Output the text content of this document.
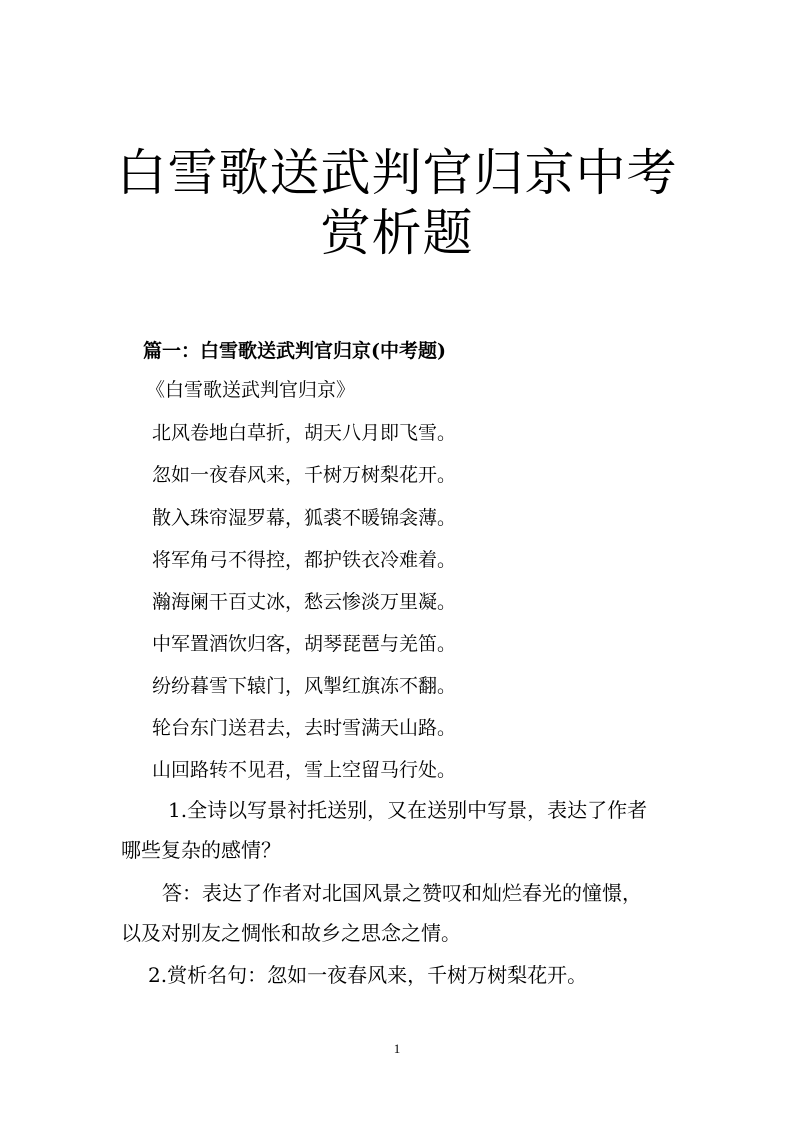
白雪歌送武判官归京中考
赏析题
篇一：白雪歌送武判官归京(中考题)
《白雪歌送武判官归京》
北风卷地白草折，胡天八月即飞雪。
忽如一夜春风来，千树万树梨花开。
散入珠帘湿罗幕，狐裘不暖锦衾薄。
将军角弓不得控，都护铁衣冷难着。
瀚海阑干百丈冰，愁云惨淡万里凝。
中军置酒饮归客，胡琴琵琶与羌笛。
纷纷暮雪下辕门，风掣红旗冻不翻。
轮台东门送君去，去时雪满天山路。
山回路转不见君，雪上空留马行处。
1.全诗以写景衬托送别，又在送别中写景，表达了作者
哪些复杂的感情？
答：表达了作者对北国风景之赞叹和灿烂春光的憧憬，
以及对别友之惆怅和故乡之思念之情。
2.赏析名句：忽如一夜春风来，千树万树梨花开。
1
